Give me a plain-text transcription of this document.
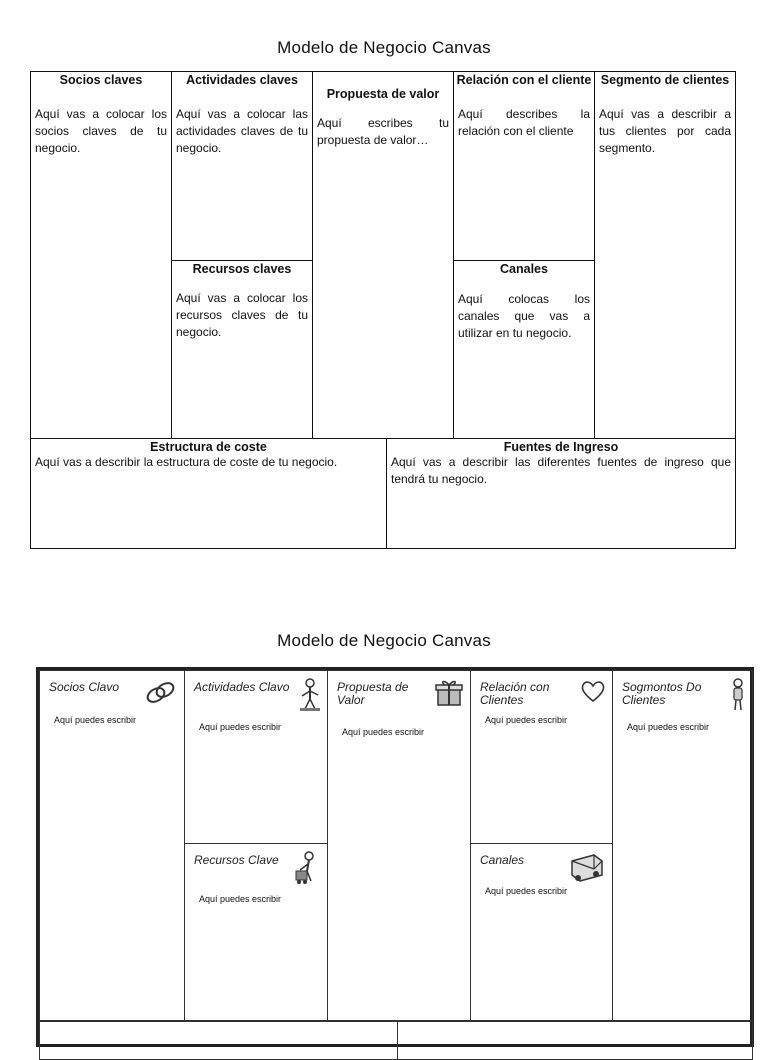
Modelo de Negocio Canvas
Socios claves
Aquí vas a colocar los socios claves de tu negocio.
Actividades claves
Aquí vas a colocar las actividades claves de tu negocio.
Recursos claves
Aquí vas a colocar los recursos claves de tu negocio.
Propuesta de valor
Aquí escribes tu propuesta de valor…
Relación con el cliente
Aquí describes la relación con el cliente
Canales
Aquí colocas los canales que vas a utilizar en tu negocio.
Segmento de clientes
Aquí vas a describir a tus clientes por cada segmento.
Estructura de coste
Aquí vas a describir la estructura de coste de tu negocio.
Fuentes de Ingreso
Aquí vas a describir las diferentes fuentes de ingreso que tendrá tu negocio.
Modelo de Negocio Canvas
Socios Clavo
Aquí puedes escribir
Actividades Clavo
Aquí puedes escribir
Recursos Clave
Aquí puedes escribir
Propuesta de Valor
Aquí puedes escribir
Relación con Clientes
Aquí puedes escribir
Canales
Aquí puedes escribir
Sogmontos Do Clientes
Aquí puedes escribir
